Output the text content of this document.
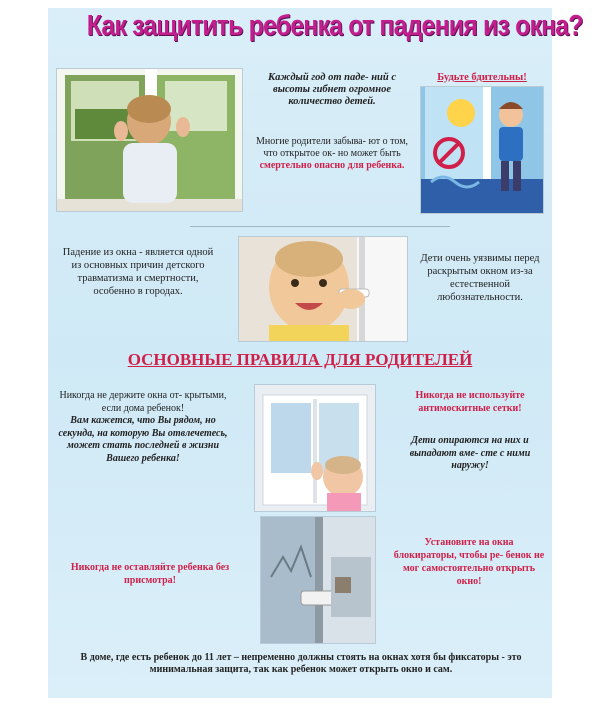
Как защитить ребенка от падения из окна?
Каждый год от паде- ний с высоты гибнет огромное количество детей.
Многие родители забыва- ют о том, что открытое ок- но может быть
смертельно опасно для ребенка.
Будьте бдительны!
Падение из окна - является одной из основных причин детского травматизма и смертности, особенно в городах.
Дети очень уязвимы перед раскрытым окном из-за естественной любознательности.
ОСНОВНЫЕ ПРАВИЛА ДЛЯ РОДИТЕЛЕЙ
Никогда не держите окна от- крытыми, если дома ребенок!
Вам кажется, что Вы рядом, но секунда, на которую Вы отвлечетесь, может стать последней в жизни Вашего ребенка!
Никогда не используйте антимоскитные сетки!
Дети опираются на них и выпадают вме- сте с ними наружу!
Никогда не оставляйте ребенка без присмотра!
Установите на окна блокираторы, чтобы ре- бенок не мог самостоятельно открыть окно!
В доме, где есть ребенок до 11 лет – непременно должны стоять на окнах хотя бы фиксаторы - это минимальная защита, так как ребенок может открыть окно и сам.
